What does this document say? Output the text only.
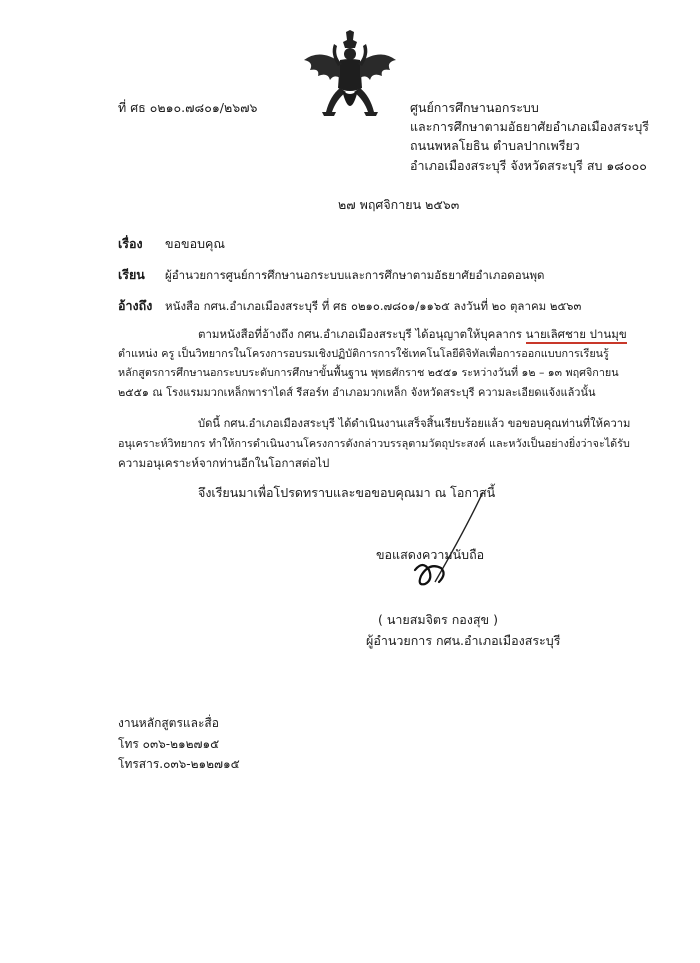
ที่ ศธ ๐๒๑๐.๗๘๐๑/๒๖๗๖	ศูนย์การศึกษานอกระบบ
และการศึกษาตามอัธยาศัยอำเภอเมืองสระบุรี
ถนนพหลโยธิน ตำบลปากเพรียว
อำเภอเมืองสระบุรี จังหวัดสระบุรี สบ ๑๘๐๐๐
๒๗ พฤศจิกายน ๒๕๖๓
เรื่อง ขอขอบคุณ
เรียน ผู้อำนวยการศูนย์การศึกษานอกระบบและการศึกษาตามอัธยาศัยอำเภอดอนพุด
อ้างถึง หนังสือ กศน.อำเภอเมืองสระบุรี ที่ ศธ ๐๒๑๐.๗๘๐๑/๑๑๖๕ ลงวันที่ ๒๐ ตุลาคม ๒๕๖๓
ตามหนังสือที่อ้างถึง กศน.อำเภอเมืองสระบุรี ได้อนุญาตให้บุคลากร นายเลิศชาย ปานมุข
ตำแหน่ง ครู เป็นวิทยากรในโครงการอบรมเชิงปฏิบัติการการใช้เทคโนโลยีดิจิทัลเพื่อการออกแบบการเรียนรู้
หลักสูตรการศึกษานอกระบบระดับการศึกษาขั้นพื้นฐาน พุทธศักราช ๒๕๕๑ ระหว่างวันที่ ๑๒ – ๑๓ พฤศจิกายน
๒๕๕๑ ณ โรงแรมมวกเหล็กพาราไดส์ รีสอร์ท อำเภอมวกเหล็ก จังหวัดสระบุรี ความละเอียดแจ้งแล้วนั้น
บัดนี้ กศน.อำเภอเมืองสระบุรี ได้ดำเนินงานเสร็จสิ้นเรียบร้อยแล้ว ขอขอบคุณท่านที่ให้ความ
อนุเคราะห์วิทยากร ทำให้การดำเนินงานโครงการดังกล่าวบรรลุตามวัตถุประสงค์ และหวังเป็นอย่างยิ่งว่าจะได้รับ
ความอนุเคราะห์จากท่านอีกในโอกาสต่อไป
จึงเรียนมาเพื่อโปรดทราบและขอขอบคุณมา ณ โอกาสนี้
ขอแสดงความนับถือ
( นายสมจิตร กองสุข )
ผู้อำนวยการ กศน.อำเภอเมืองสระบุรี
งานหลักสูตรและสื่อ
โทร ๐๓๖-๒๑๒๗๑๕
โทรสาร.๐๓๖-๒๑๒๗๑๕
